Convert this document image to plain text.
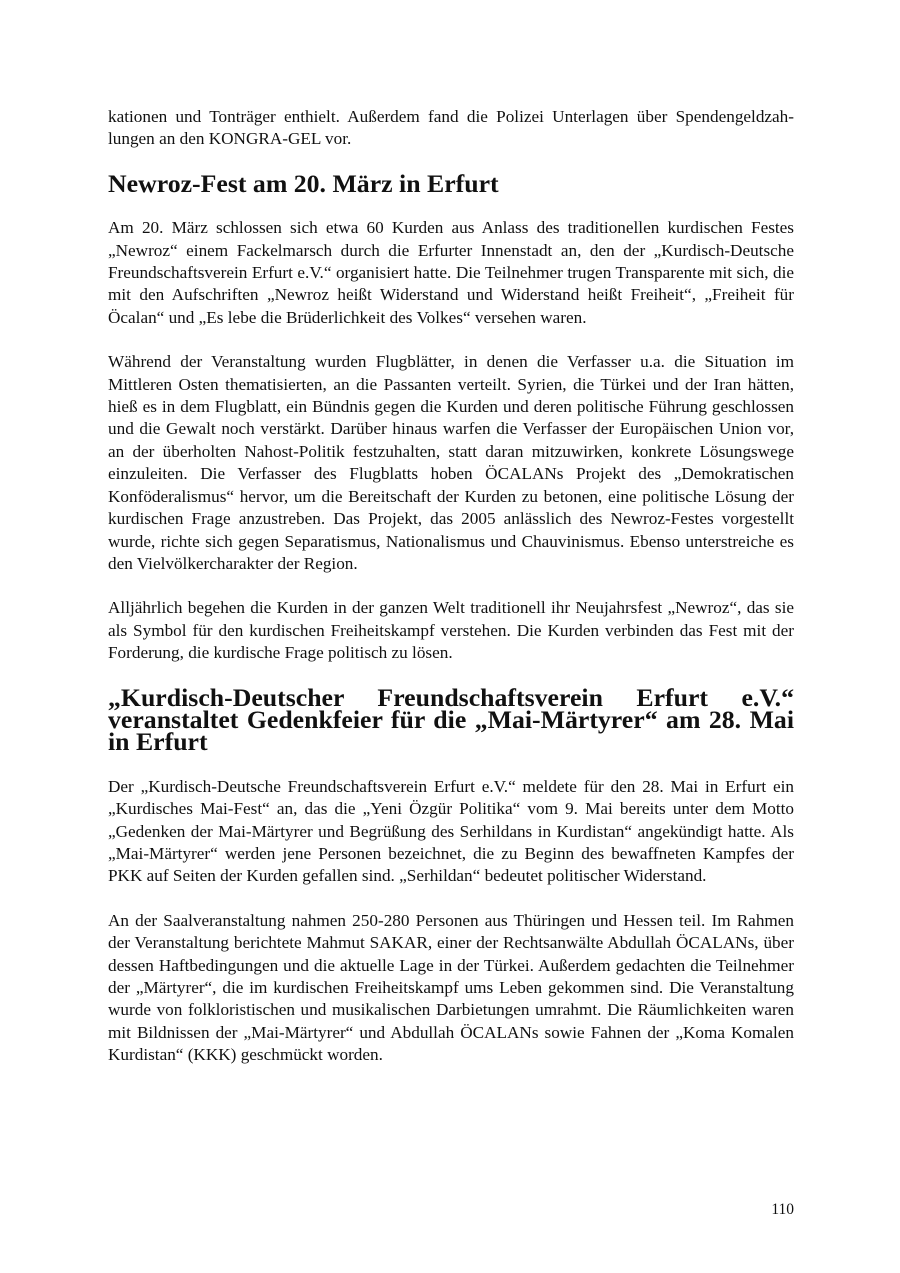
kationen und Tonträger enthielt. Außerdem fand die Polizei Unterlagen über Spendengeldzahlungen an den KONGRA-GEL vor.

Newroz-Fest am 20. März in Erfurt

Am 20. März schlossen sich etwa 60 Kurden aus Anlass des traditionellen kurdischen Festes „Newroz“ einem Fackelmarsch durch die Erfurter Innenstadt an, den der „Kurdisch-Deutsche Freundschaftsverein Erfurt e.V.“ organisiert hatte. Die Teilnehmer trugen Transparente mit sich, die mit den Aufschriften „Newroz heißt Widerstand und Widerstand heißt Freiheit“, „Freiheit für Öcalan“ und „Es lebe die Brüderlichkeit des Volkes“ versehen waren.

Während der Veranstaltung wurden Flugblätter, in denen die Verfasser u.a. die Situation im Mittleren Osten thematisierten, an die Passanten verteilt. Syrien, die Türkei und der Iran hätten, hieß es in dem Flugblatt, ein Bündnis gegen die Kurden und deren politische Führung geschlossen und die Gewalt noch verstärkt. Darüber hinaus warfen die Verfasser der Europäischen Union vor, an der überholten Nahost-Politik festzuhalten, statt daran mitzuwirken, konkrete Lösungswege einzuleiten. Die Verfasser des Flugblatts hoben ÖCALANs Projekt des „Demokratischen Konföderalismus“ hervor, um die Bereitschaft der Kurden zu betonen, eine politische Lösung der kurdischen Frage anzustreben. Das Projekt, das 2005 anlässlich des Newroz-Festes vorgestellt wurde, richte sich gegen Separatismus, Nationalismus und Chauvinismus. Ebenso unterstreiche es den Vielvölkercharakter der Region.

Alljährlich begehen die Kurden in der ganzen Welt traditionell ihr Neujahrsfest „Newroz“, das sie als Symbol für den kurdischen Freiheitskampf verstehen. Die Kurden verbinden das Fest mit der Forderung, die kurdische Frage politisch zu lösen.

„Kurdisch-Deutscher Freundschaftsverein Erfurt e.V.“ veranstaltet Gedenkfeier für die „Mai-Märtyrer“ am 28. Mai in Erfurt

Der „Kurdisch-Deutsche Freundschaftsverein Erfurt e.V.“ meldete für den 28. Mai in Erfurt ein „Kurdisches Mai-Fest“ an, das die „Yeni Özgür Politika“ vom 9. Mai bereits unter dem Motto „Gedenken der Mai-Märtyrer und Begrüßung des Serhildans in Kurdistan“ angekündigt hatte. Als „Mai-Märtyrer“ werden jene Personen bezeichnet, die zu Beginn des bewaffneten Kampfes der PKK auf Seiten der Kurden gefallen sind. „Serhildan“ bedeutet politischer Widerstand.

An der Saalveranstaltung nahmen 250-280 Personen aus Thüringen und Hessen teil. Im Rahmen der Veranstaltung berichtete Mahmut SAKAR, einer der Rechtsanwälte Abdullah ÖCALANs, über dessen Haftbedingungen und die aktuelle Lage in der Türkei. Außerdem gedachten die Teilnehmer der „Märtyrer“, die im kurdischen Freiheitskampf ums Leben gekommen sind. Die Veranstaltung wurde von folkloristischen und musikalischen Darbietungen umrahmt. Die Räumlichkeiten waren mit Bildnissen der „Mai-Märtyrer“ und Abdullah ÖCALANs sowie Fahnen der „Koma Komalen Kurdistan“ (KKK) geschmückt worden.

110
